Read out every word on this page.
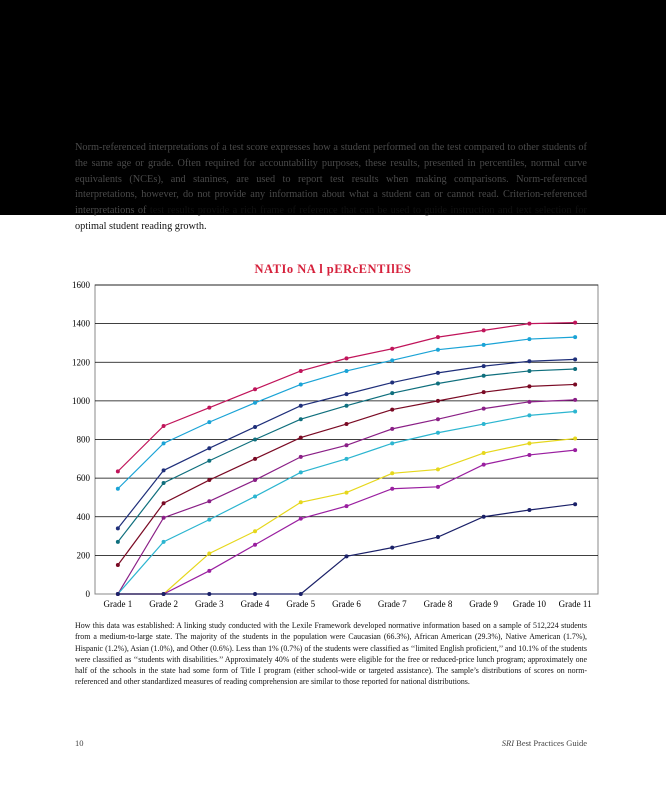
Norm-referenced interpretations of a test score expresses how a student performed on the test compared to other students of the same age or grade. Often required for accountability purposes, these results, presented in percentiles, normal curve equivalents (NCEs), and stanines, are used to report test results when making comparisons. Norm-referenced interpretations, however, do not provide any information about what a student can or cannot read. Criterion-referenced interpretations of test results provide a rich frame of reference that can be used to guide instruction and text selection for optimal student reading growth.

NATIo NA l pERcENTIlES
0
200
400
600
800
1000
1200
1400
1600
Grade 1 Grade 2 Grade 3 Grade 4 Grade 5 Grade 6 Grade 7 Grade 8 Grade 9 Grade 10 Grade 11

How this data was established: A linking study conducted with the Lexile Framework developed normative information based on a sample of 512,224 students from a medium-to-large state. The majority of the students in the population were Caucasian (66.3%), African American (29.3%), Native American (1.7%), Hispanic (1.2%), Asian (1.0%), and Other (0.6%). Less than 1% (0.7%) of the students were classified as ‘‘limited English proficient,’’ and 10.1% of the students were classified as ‘‘students with disabilities.’’ Approximately 40% of the students were eligible for the free or reduced-price lunch program; approximately one half of the schools in the state had some form of Title I program (either school-wide or targeted assistance). The sample’s distributions of scores on norm-referenced and other standardized measures of reading comprehension are similar to those reported for national distributions.

10	SRI Best Practices Guide
